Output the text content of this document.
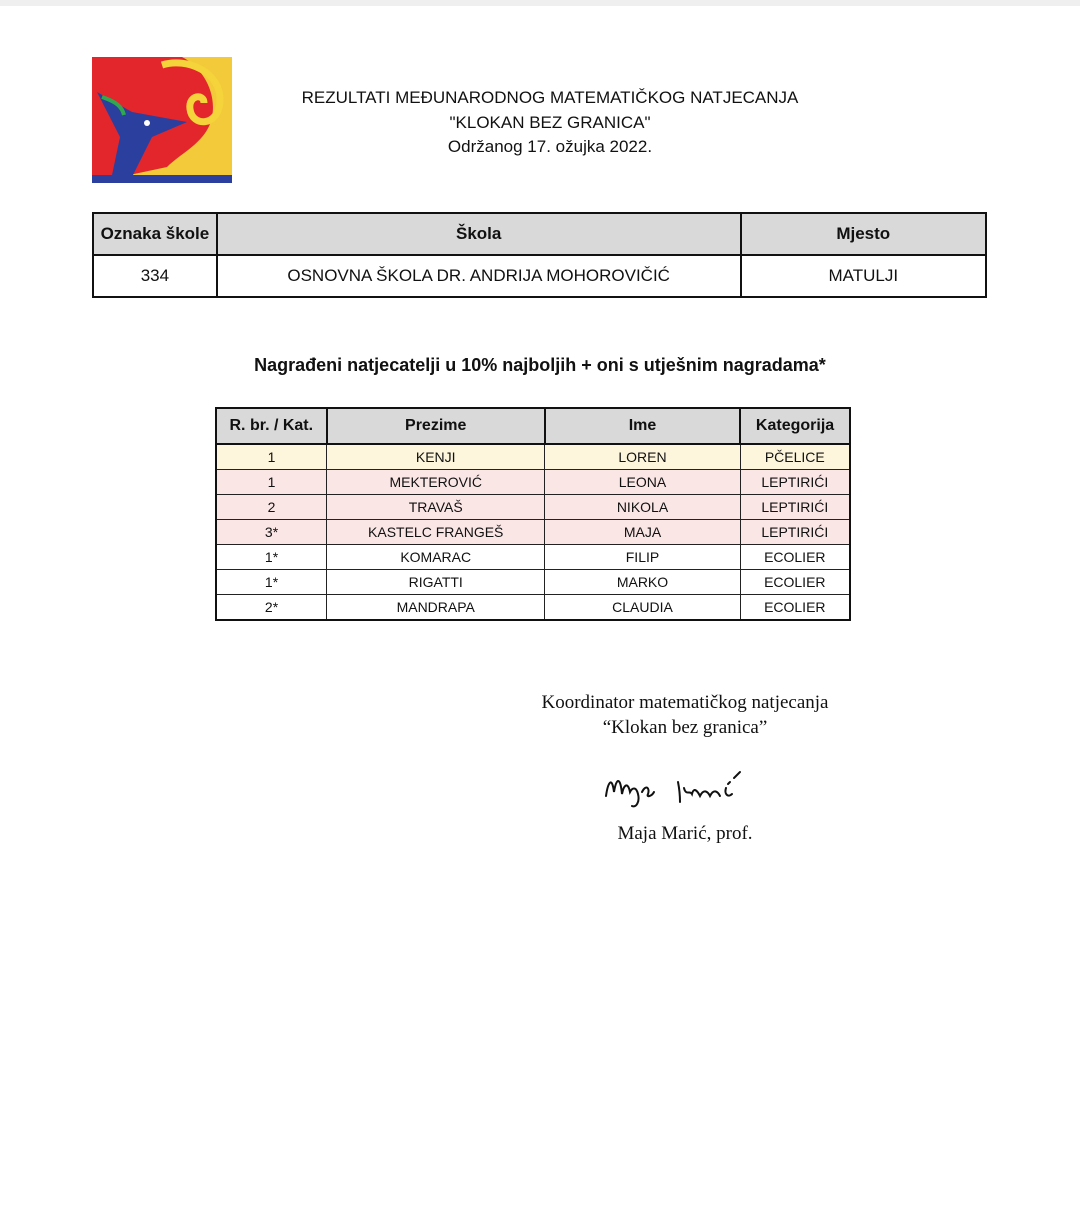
REZULTATI MEĐUNARODNOG MATEMATIČKOG NATJECANJA
"KLOKAN BEZ GRANICA"
Održanog 17. ožujka 2022.
Oznaka škole	Škola	Mjesto
334	OSNOVNA ŠKOLA DR. ANDRIJA MOHOROVIČIĆ	MATULJI
Nagrađeni natjecatelji u 10% najboljih + oni s utješnim nagradama*
R. br. / Kat.	Prezime	Ime	Kategorija
1	KENJI	LOREN	PČELICE
1	MEKTEROVIĆ	LEONA	LEPTIRIĆI
2	TRAVAŠ	NIKOLA	LEPTIRIĆI
3*	KASTELC FRANGEŠ	MAJA	LEPTIRIĆI
1*	KOMARAC	FILIP	ECOLIER
1*	RIGATTI	MARKO	ECOLIER
2*	MANDRAPA	CLAUDIA	ECOLIER
Koordinator matematičkog natjecanja
“Klokan bez granica”
Maja Marić, prof.
